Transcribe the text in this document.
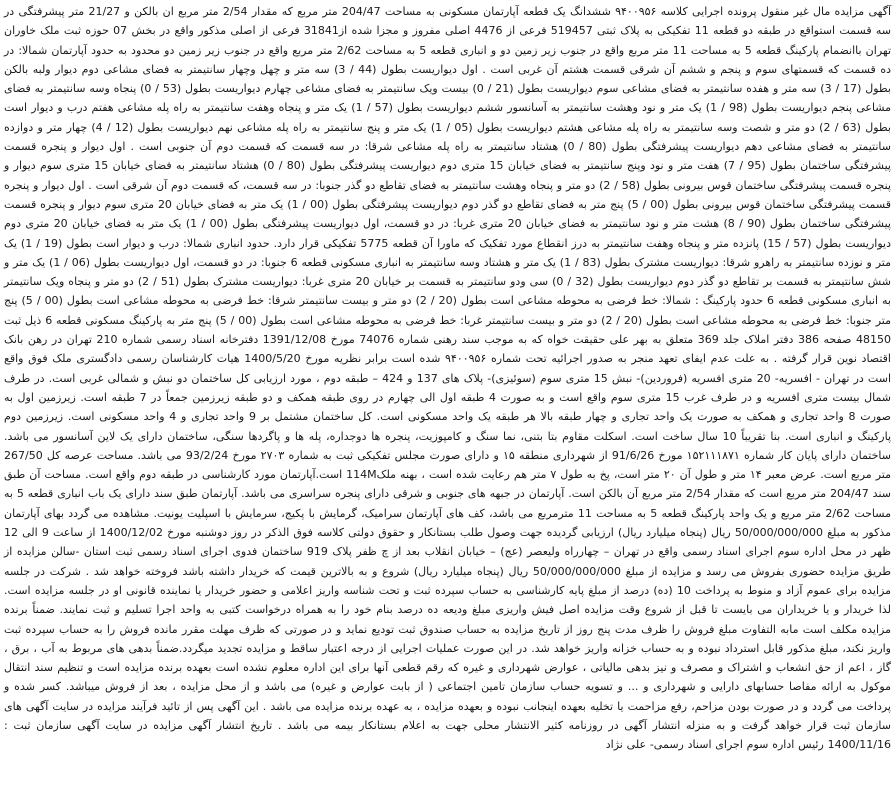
آگهی مزایده مال غیر منقول پرونده اجرایی کلاسه ۹۴۰۰۹۵۶ ششدانگ یک قطعه آپارتمان مسکونی به مساحت 204/47 متر مربع که مقدار 2/54 متر مربع ان بالکن و 21/27 متر پیشرفتگی در سه قسمت استواقع در طبقه دو قطعه 11 تفکیکی به پلاک ثبتی 519457 فرعی از 4476 اصلی مفروز و مجزا شده از31841 فرعی از اصلی مذکور واقع در بخش 07 حوزه ثبت ملک خاوران تهران باانضمام پارکینگ قطعه 5 به مساحت 11 متر مربع واقع در جنوب زیر زمین دو و انباری قطعه 5 به مساحت 2/62 متر مربع واقع در جنوب زیر زمین دو محدود به حدود آپارتمان شمالا: در ده قسمت که قسمتهای سوم و پنجم و ششم آن شرقی قسمت هشتم آن غربی است . اول دیواریست بطول (44 / 3) سه متر و چهل وچهار سانتیمتر به فضای مشاعی دوم دیوار ولبه بالکن بطول (17 / 3) سه متر و هفده سانتیمتر به فضای مشاعی سوم دیواریست بطول (21 / 0) بیست ویک سانتیمتر به فضای مشاعی چهارم دیواریست بطول (53 / 0) پنجاه وسه سانتیمتر به فضای مشاعی پنجم دیواریست بطول (98 / 1) یک متر و نود وهشت سانتیمتر به آسانسور ششم دیواریست بطول (57 / 1) یک متر و پنجاه وهفت سانتیمتر به راه پله مشاعی هفتم درب و دیوار است بطول (63 / 2) دو متر و شصت وسه سانتیمتر به راه پله مشاعی هشتم دیواریست بطول (05 / 1) یک متر و پنج سانتیمتر به راه پله مشاعی نهم دیواریست بطول (12 / 4) چهار متر و دوازده سانتیمتر به فضای مشاعی دهم دیواریست پیشرفتگی بطول (80 / 0) هشتاد سانتیمتر به راه پله مشاعی شرقا: در سه قسمت که قسمت دوم آن جنوبی است . اول دیوار و پنجره قسمت پیشرفتگی ساختمان بطول (95 / 7) هفت متر و نود وپنج سانتیمتر به فضای خیابان 15 متری دوم دیواریست پیشرفتگی بطول (80 / 0) هشتاد سانتیمتر به فضای خیابان 15 متری سوم دیوار و پنجره قسمت پیشرفتگی ساختمان قوس بیرونی بطول (58 / 2) دو متر و پنجاه وهشت سانتیمتر به فضای تقاطع دو گذر جنوبا: در سه قسمت، که قسمت دوم آن شرقی است . اول دیوار و پنجره قسمت پیشرفتگی ساختمان قوس بیرونی بطول (00 / 5) پنج متر به فضای تقاطع دو گذر دوم دیواریست پیشرفتگی بطول (00 / 1) یک متر به فضای خیابان 20 متری سوم دیوار و پنجره قسمت پیشرفتگی ساختمان بطول (90 / 8) هشت متر و نود سانتیمتر به فضای خیابان 20 متری غربا: در دو قسمت، اول دیواریست پیشرفتگی بطول (00 / 1) یک متر به فضای خیابان 20 متری دوم دیواریست بطول (57 / 15) پانزده متر و پنجاه وهفت سانتیمتر به درز انقطاع مورد تفکیک که ماورا آن قطعه 5775 تفکیکی قرار دارد. حدود انباری شمالا: درب و دیوار است بطول (19 / 1) یک متر و نوزده سانتیمتر به راهرو شرقا: دیواریست مشترک بطول (83 / 1) یک متر و هشتاد وسه سانتیمتر به انباری مسکونی قطعه 6 جنوبا: در دو قسمت، اول دیواریست بطول (06 / 1) یک متر و شش سانتیمتر به قسمت بر تقاطع دو گذر دوم دیواریست بطول (32 / 0) سی ودو سانتیمتر به قسمت بر خیابان 20 متری غربا: دیواریست مشترک بطول (51 / 2) دو متر و پنجاه ویک سانتیمتر به انباری مسکونی قطعه 6 حدود پارکینگ : شمالا: خط فرضی به محوطه مشاعی است بطول (20 / 2) دو متر و بیست سانتیمتر شرقا: خط فرضی به محوطه مشاعی است بطول (00 / 5) پنج متر جنوبا: خط فرضی به محوطه مشاعی است بطول (20 / 2) دو متر و بیست سانتیمتر غربا: خط فرضی به محوطه مشاعی است بطول (00 / 5) پنج متر به پارکینگ مسکونی قطعه 6 ذیل ثبت 48150 صفحه 386 دفتر املاک جلد 369 متعلق به بهر علی حقیقت خواه که به موجب سند رهنی شماره 74076 مورخ 1391/12/08 دفترخانه اسناد رسمی شماره 210 تهران در رهن بانک اقتصاد نوین قرار گرفته . به علت عدم ایفای تعهد منجر به صدور اجرائیه تحت شماره ۹۴۰۰۹۵۶ شده است برابر نظریه مورخ 1400/5/20 هیات کارشناسان رسمی دادگستری ملک فوق واقع است در تهران - افسریه- 20 متری افسریه (فروردین)- نبش 15 متری سوم (سوئیزی)- پلاک های 137 و 424 – طبقه دوم ، مورد ارزیابی کل ساختمان دو نبش و شمالی غربی است. در طرف شمال بیست متری افسریه و در طرف غرب 15 متری سوم واقع است و به صورت 4 طبقه اول الی چهارم در روی طبقه همکف و دو طبقه زیرزمین جمعاً در 7 طبقه است. زیرزمین اول به صورت 8 واحد تجاری و همکف به صورت یک واحد تجاری و چهار طبقه بالا هر طبقه یک واحد مسکونی است. کل ساختمان مشتمل بر 9 واحد تجاری و 4 واحد مسکونی است. زیرزمین دوم پارکینگ و انباری است. بنا تقریباً 10 سال ساخت است. اسکلت مقاوم بتا بتنی، نما سنگ و کامپوزیت، پنجره ها دوجداره، پله ها و پاگردها سنگی، ساختمان دارای یک لاین آسانسور می باشد. ساختمان دارای پایان کار شماره ۱۵۲۱۱۱۸۷۱ مورخ 91/6/26 از شهرداری منطقه ۱۵ و دارای صورت مجلس تفکیکی ثبت به شماره ۲۷۰۳ مورخ 93/2/24 می باشد. مساحت عرصه کل 267/50 متر مربع است. عرض معبر ۱۴ متر و طول آن ۲۰ متر است، پخ به طول ۷ متر هم رعایت شده است ، بهنه ملک114M است.آپارتمان مورد کارشناسی در طبقه دوم واقع است. مساحت آن طبق سند 204/47 متر مربع است که مقدار 2/54 متر مربع آن بالکن است. آپارتمان در جبهه های جنوبی و شرقی دارای پنجره سراسری می باشد. آپارتمان طبق سند دارای یک باب انباری قطعه 5 به مساحت 2/62 متر مربع و یک واحد پارکینگ قطعه 5 به مساحت 11 مترمربع می باشد، کف های آپارتمان سرامیک، گرمایش با پکیج، سرمایش با اسپلیت یونیت. مشاهده می گردد بهای آپارتمان مذکور به مبلغ 50/000/000/000 ریال (پنجاه میلیارد ریال) ارزیابی گردیده جهت وصول طلب بستانکار و حقوق دولتی کلاسه فوق الذکر در روز دوشنبه مورخ 1400/12/02 از ساعت 9 الی 12 ظهر در محل اداره سوم اجرای اسناد رسمی واقع در تهران – چهارراه ولیعصر (عج) – خیابان انقلاب بعد از چ ظفر پلاک 919 ساختمان فدوی اجرای اسناد رسمی ثبت استان -سالن مزایده از طریق مزایده حضوری بفروش می رسد و مزایده از مبلغ 50/000/000/000 ریال (پنجاه میلیارد ریال) شروع و به بالاترین قیمت که خریدار داشته باشد فروخته خواهد شد . شرکت در جلسه مزایده برای عموم آزاد و منوط به پرداخت 10 (ده) درصد از مبلغ پایه کارشناسی به حساب سپرده ثبت و تحت شناسه واریز اعلامی و حضور خریدار یا نماینده قانونی او در جلسه مزایده است. لذا خریدار و یا خریداران می بایست تا قبل از شروع وقت مزایده اصل فیش واریزی مبلغ ودیعه ده درصد بنام خود را به همراه درخواست کتبی به واحد اجرا تسلیم و ثبت نمایند. ضمناً برنده مزایده مکلف است مابه التفاوت مبلغ فروش را ظرف مدت پنج روز از تاریخ مزایده به حساب صندوق ثبت تودیع نماید و در صورتی که ظرف مهلت مقرر مانده فروش را به حساب سپرده ثبت واریز نکند، مبلغ مذکور قابل استرداد نبوده و به حساب خزانه واریز خواهد شد. در این صورت عملیات اجرایی از درجه اعتبار ساقط و مزایده تجدید میگردد.ضمناً بدهی های مربوط به آب ، برق ، گاز ، اعم از حق انشعاب و اشتراک و مصرف و نیز بدهی مالیاتی ، عوارض شهرداری و غیره که رقم قطعی آنها برای این اداره معلوم نشده است بعهده برنده مزایده است و تنظیم سند انتقال موکول به ارائه مفاصا حسابهای دارایی و شهرداری و ... و تسویه حساب سازمان تامین اجتماعی ( از بابت عوارض و غیره) می باشد و از محل مزایده ، بعد از فروش میباشد. کسر شده و پرداخت می گردد و در صورت بودن مزاحم، رفع مزاحمت یا تخلیه بعهده اینجانب نبوده و بعهده مزایده ، به عهده برنده مزایده می باشد . این آگهی پس از تائید فرآیند مزایده در سایت آگهی های سازمان ثبت قرار خواهد گرفت و به منزله انتشار آگهی در روزنامه کثیر الانتشار محلی جهت به اعلام بستانکار بیمه می باشد . تاریخ انتشار آگهی مزایده در سایت آگهی سازمان ثبت : 1400/11/16 رئیس اداره سوم اجرای اسناد رسمی- علی نژاد
